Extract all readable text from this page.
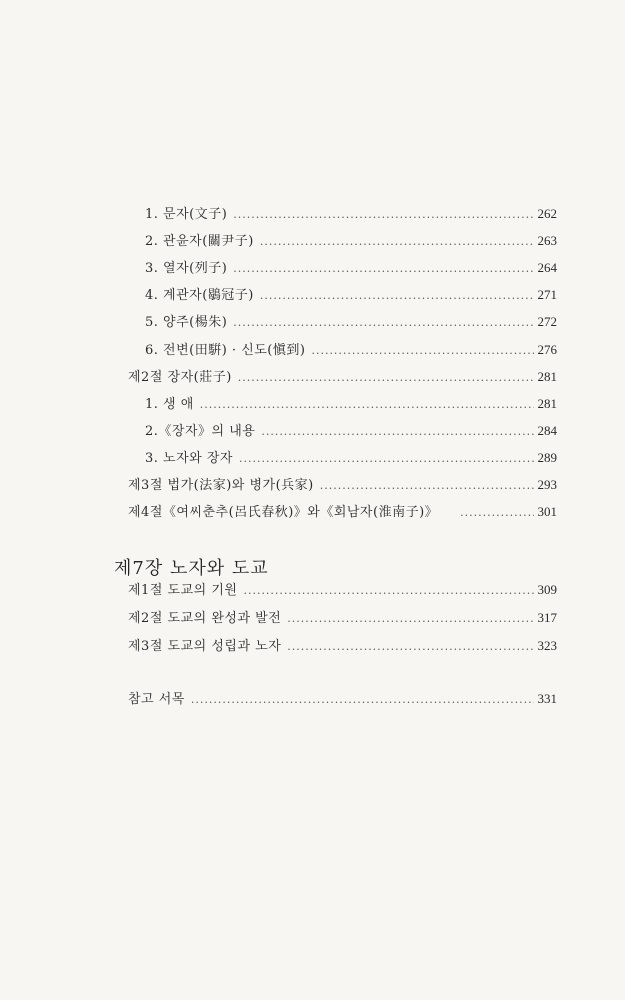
1. 문자(文子) .....	262
2. 관윤자(關尹子) .....	263
3. 열자(列子) .....	264
4. 계관자(鶡冠子) .....	271
5. 양주(楊朱) .....	272
6. 전변(田騈) · 신도(愼到) .....	276
제2절 장자(莊子) .....	281
1. 생 애 .....	281
2.《장자》의 내용 .....	284
3. 노자와 장자 .....	289
제3절 법가(法家)와 병가(兵家) .....	293
제4절《여씨춘추(呂氏春秋)》와《회남자(淮南子)》 .....	301
제7장 노자와 도교
제1절 도교의 기원 .....	309
제2절 도교의 완성과 발전 .....	317
제3절 도교의 성립과 노자 .....	323
참고 서목 .....	331
